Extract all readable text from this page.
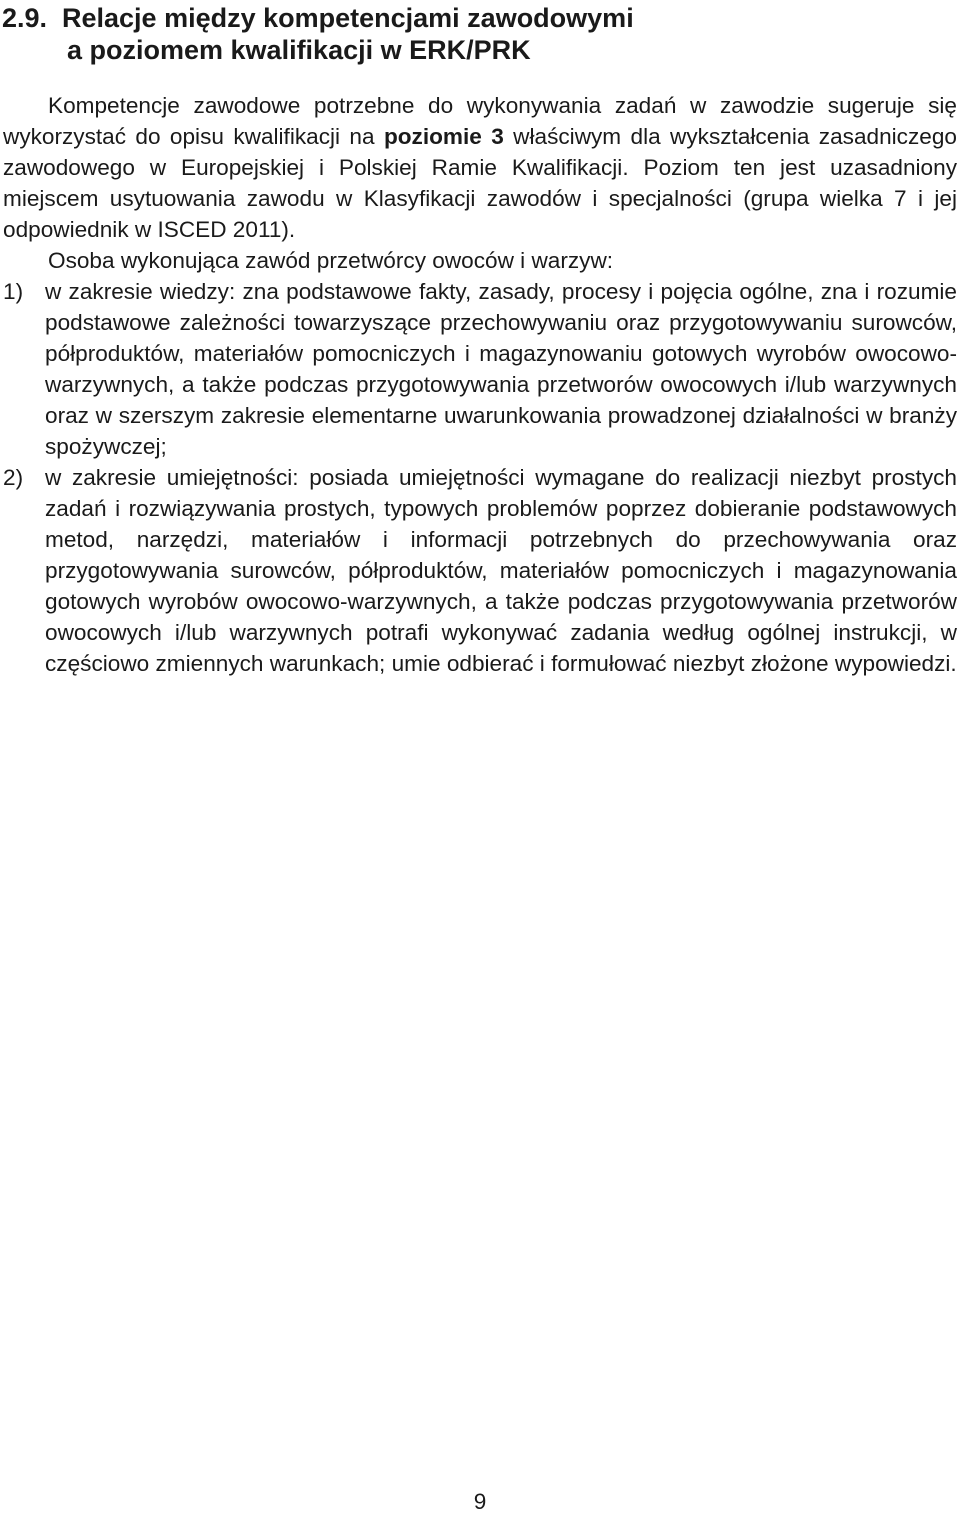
2.9. Relacje między kompetencjami zawodowymi
a poziomem kwalifikacji w ERK/PRK

Kompetencje zawodowe potrzebne do wykonywania zadań w zawodzie sugeruje się wykorzystać do opisu kwalifikacji na poziomie 3 właściwym dla wykształcenia zasadniczego zawodowego w Europejskiej i Polskiej Ramie Kwalifikacji. Poziom ten jest uzasadniony miejscem usytuowania zawodu w Klasyfikacji zawodów i specjalności (grupa wielka 7 i jej odpowiednik w ISCED 2011).

Osoba wykonująca zawód przetwórcy owoców i warzyw:

1) w zakresie wiedzy: zna podstawowe fakty, zasady, procesy i pojęcia ogólne, zna i rozumie podstawowe zależności towarzyszące przechowywaniu oraz przygotowywaniu surowców, półproduktów, materiałów pomocniczych i magazynowaniu gotowych wyrobów owocowo-warzywnych, a także podczas przygotowywania przetworów owocowych i/lub warzywnych oraz w szerszym zakresie elementarne uwarunkowania prowadzonej działalności w branży spożywczej;
2) w zakresie umiejętności: posiada umiejętności wymagane do realizacji niezbyt prostych zadań i rozwiązywania prostych, typowych problemów poprzez dobieranie podstawowych metod, narzędzi, materiałów i informacji potrzebnych do przechowywania oraz przygotowywania surowców, półproduktów, materiałów pomocniczych i magazynowania gotowych wyrobów owocowo-warzywnych, a także podczas przygotowywania przetworów owocowych i/lub warzywnych potrafi wykonywać zadania według ogólnej instrukcji, w częściowo zmiennych warunkach; umie odbierać i formułować niezbyt złożone wypowiedzi.
9
